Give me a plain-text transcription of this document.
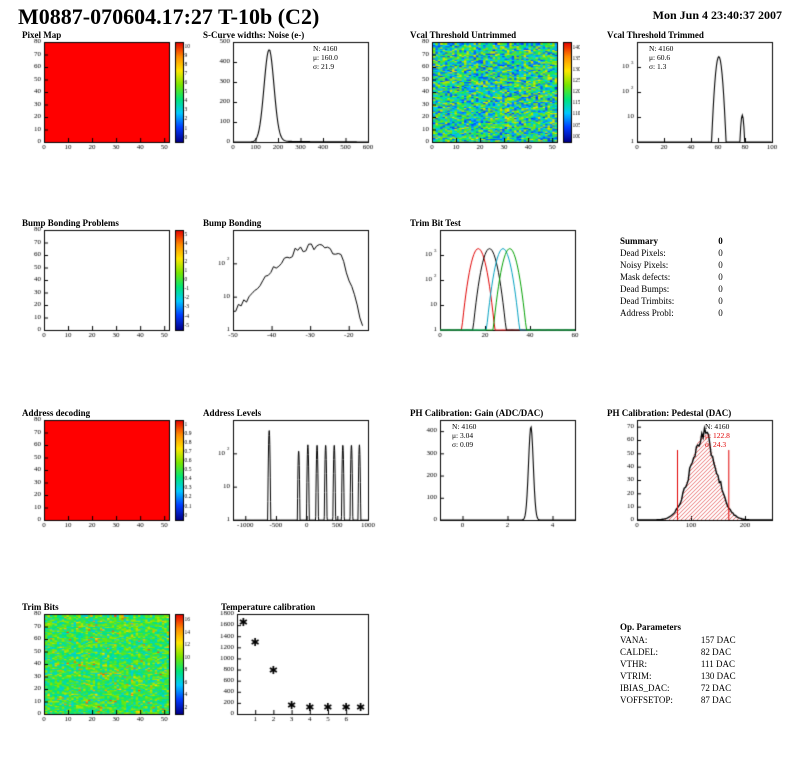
M0887-070604.17:27 T-10b (C2)	Mon Jun 4 23:40:37 2007
N: 4160
μ: 160.0
σ: 21.9
N: 4160
μ: 60.6
σ: 1.3
Summary	0
Dead Pixels:	0
Noisy Pixels:	0
Mask defects:	0
Dead Bumps:	0
Dead Trimbits:	0
Address Probl:	0
N: 4160
μ: 3.04
σ: 0.09
N: 4160
μ: 122.8
σ: 24.3
Op. Parameters
VANA:	157 DAC
CALDEL:	82 DAC
VTHR:	111 DAC
VTRIM:	130 DAC
IBIAS_DAC:	72 DAC
VOFFSETOP:	87 DAC
